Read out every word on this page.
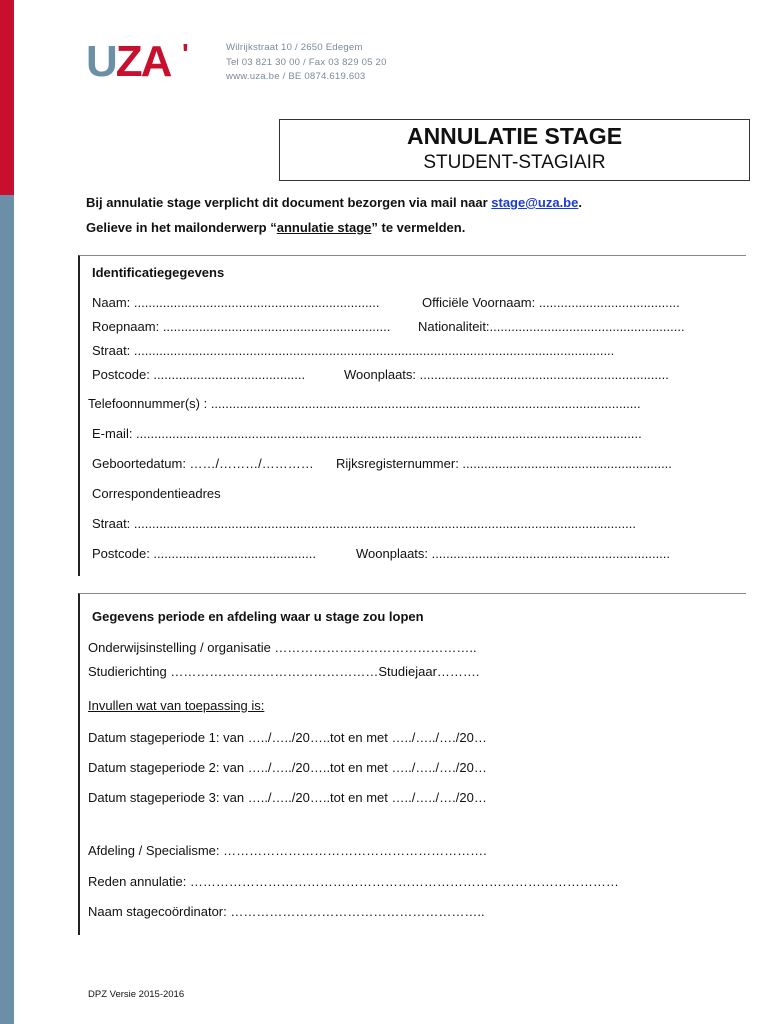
UZA ʹ	Wilrijkstraat 10 / 2650 Edegem
Tel 03 821 30 00 / Fax 03 829 05 20
www.uza.be / BE 0874.619.603
ANNULATIE STAGE
STUDENT-STAGIAIR
Bij annulatie stage verplicht dit document bezorgen via mail naar stage@uza.be.
Gelieve in het mailonderwerp “annulatie stage” te vermelden.
Identificatiegegevens
Naam: ....................................................................	Officiële Voornaam: .......................................
Roepnaam: ............................................................... Nationaliteit:......................................................
Straat: .....................................................................................................................................
Postcode: ..........................................	Woonplaats: .....................................................................
Telefoonnummer(s) : .......................................................................................................................
E-mail: ............................................................................................................................................
Geboortedatum: ……/………/………… Rijksregisternummer: ..........................................................
Correspondentieadres
Straat: ...........................................................................................................................................
Postcode: .............................................	Woonplaats: ..................................................................
Gegevens periode en afdeling waar u stage zou lopen
Onderwijsinstelling / organisatie ………………………………………..
Studierichting …………………………………………Studiejaar……….
Invullen wat van toepassing is:
Datum stageperiode 1: van …../…../20…..tot en met …../…../…./20…
Datum stageperiode 2: van …../…../20…..tot en met …../…../…./20…
Datum stageperiode 3: van …../…../20…..tot en met …../…../…./20…
Afdeling / Specialisme: …………………………………………………….
Reden annulatie: ………………………………………………………………………………………
Naam stagecoördinator: …………………………………………………..
DPZ Versie 2015-2016
